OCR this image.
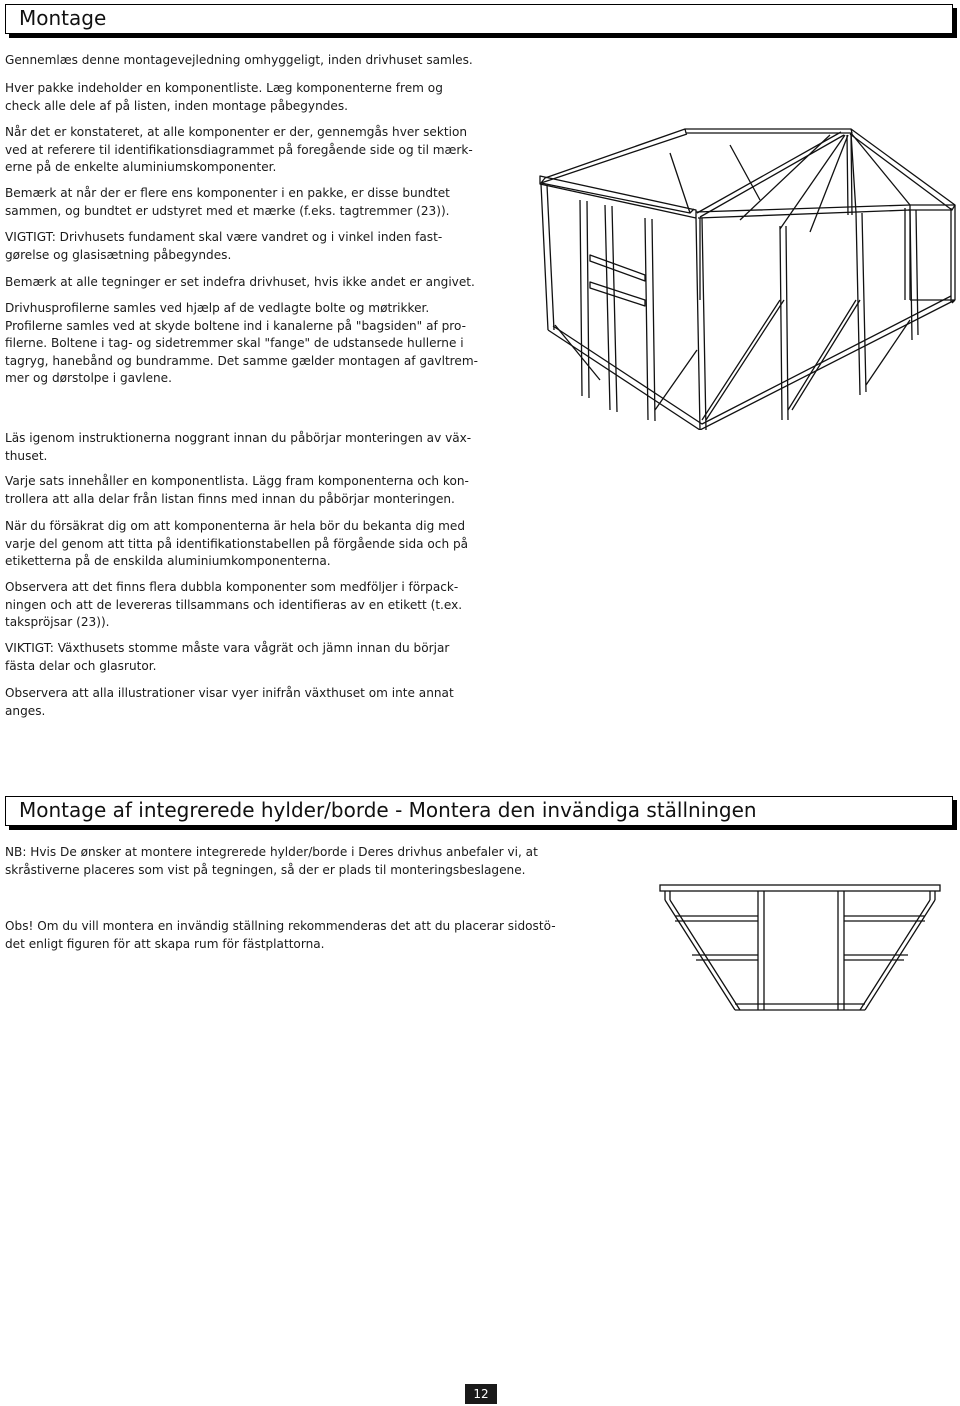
Montage
Gennemlæs denne montagevejledning omhyggeligt, inden drivhuset samles.
Hver pakke indeholder en komponentliste. Læg komponenterne frem og
check alle dele af på listen, inden montage påbegyndes.
Når det er konstateret, at alle komponenter er der, gennemgås hver sektion
ved at referere til identifikationsdiagrammet på foregående side og til mærk-
erne på de enkelte aluminiumskomponenter.
Bemærk at når der er flere ens komponenter i en pakke, er disse bundtet
sammen, og bundtet er udstyret med et mærke (f.eks. tagtremmer (23)).
VIGTIGT: Drivhusets fundament skal være vandret og i vinkel inden fast-
gørelse og glasisætning påbegyndes.
Bemærk at alle tegninger er set indefra drivhuset, hvis ikke andet er angivet.
Drivhusprofilerne samles ved hjælp af de vedlagte bolte og møtrikker.
Profilerne samles ved at skyde boltene ind i kanalerne på "bagsiden" af pro-
filerne. Boltene i tag- og sidetremmer skal "fange" de udstansede hullerne i
tagryg, hanebånd og bundramme. Det samme gælder montagen af gavltrem-
mer og dørstolpe i gavlene.
Läs igenom instruktionerna noggrant innan du påbörjar monteringen av väx-
thuset.
Varje sats innehåller en komponentlista. Lägg fram komponenterna och kon-
trollera att alla delar från listan finns med innan du påbörjar monteringen.
När du försäkrat dig om att komponenterna är hela bör du bekanta dig med
varje del genom att titta på identifikationstabellen på förgående sida och på
etiketterna på de enskilda aluminiumkomponenterna.
Observera att det finns flera dubbla komponenter som medföljer i förpack-
ningen och att de levereras tillsammans och identifieras av en etikett (t.ex.
takspröjsar (23)).
VIKTIGT: Växthusets stomme måste vara vågrät och jämn innan du börjar
fästa delar och glasrutor.
Observera att alla illustrationer visar vyer inifrån växthuset om inte annat
anges.
Montage af integrerede hylder/borde - Montera den invändiga ställningen
NB: Hvis De ønsker at montere integrerede hylder/borde i Deres drivhus anbefaler vi, at
skråstiverne placeres som vist på tegningen, så der er plads til monteringsbeslagene.
Obs! Om du vill montera en invändig ställning rekommenderas det att du placerar sidostö-
det enligt figuren för att skapa rum för fästplattorna.
12
